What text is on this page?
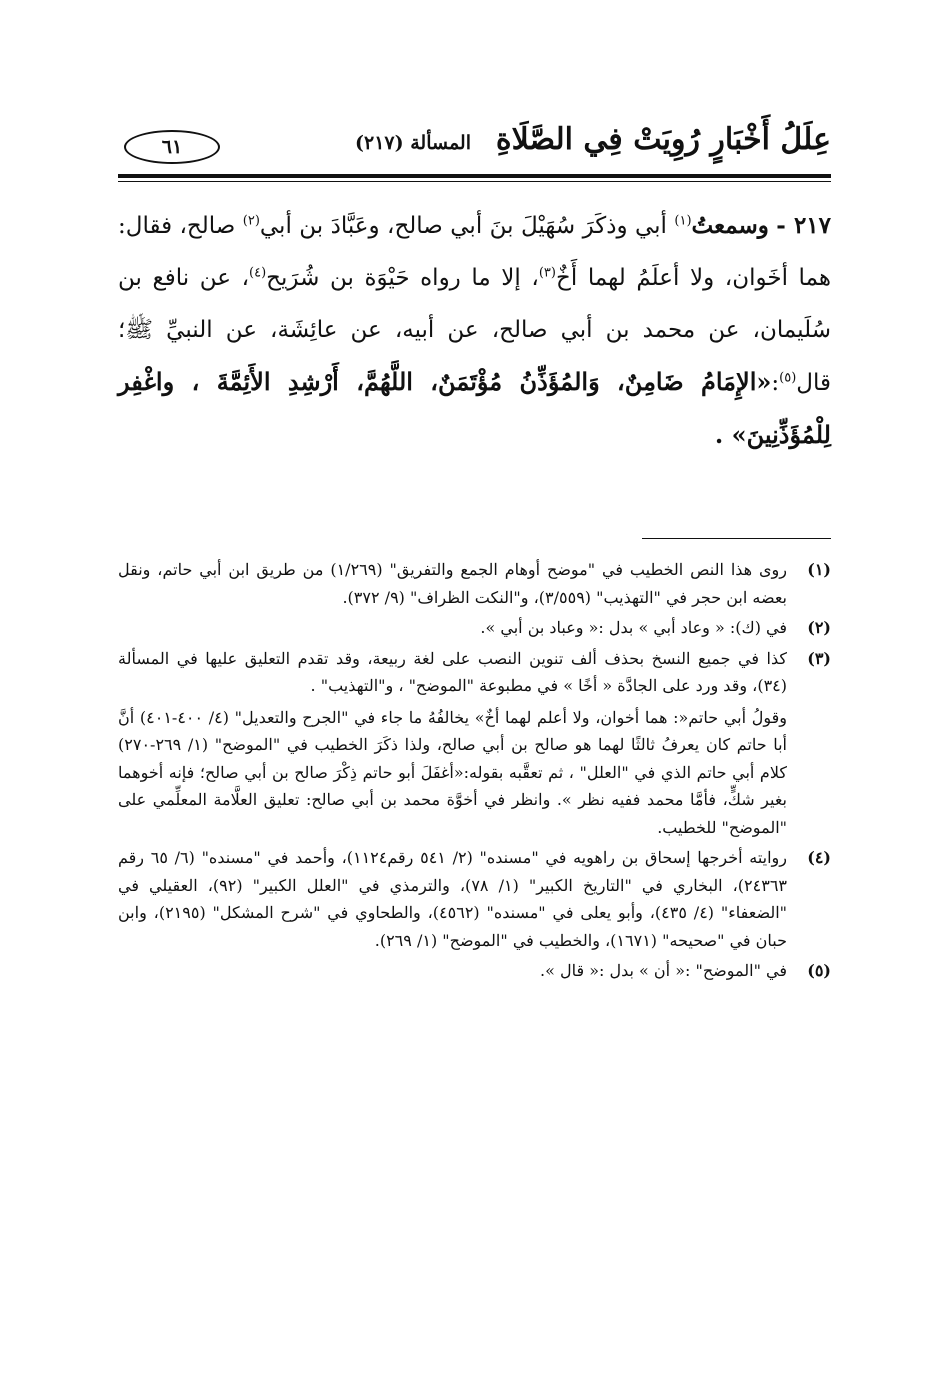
عِلَلُ أَخْبَارٍ رُوِيَتْ فِي الصَّلَاةِ
المسألة (٢١٧)
٦١

٢١٧ - وسمعتُ$^{(١)}$ أبي وذكَرَ سُهَيْلَ بنَ أبي صالح، وعَبَّادَ بن أبي$^{(٢)}$ صالح، فقال: هما أخَوان، ولا أعلَمُ لهما أَخٌ$^{(٣)}$، إلا ما رواه حَيْوَة بن شُرَيح$^{(٤)}$، عن نافع بن سُلَيمان، عن محمد بن أبي صالح، عن أبيه، عن عائِشَة، عن النبيِّ ﷺ؛ قال$^{(٥)}$:«الإِمَامُ ضَامِنٌ، وَالمُؤَذِّنُ مُؤْتَمَنٌ، اللَّهُمَّ، أَرْشِدِ الأَئِمَّةَ ، واغْفِر لِلْمُؤَذِّنِينَ» .

(١)

روى هذا النص الخطيب في "موضح أوهام الجمع والتفريق" (١/٢٦٩) من طريق ابن أبي حاتم، ونقل بعضه ابن حجر في "التهذيب" (٣/٥٥٩)، و"النكت الظراف" (٩/ ٣٧٢).

(٢)

في (ك): « وعاد أبي » بدل :« وعباد بن أبي ».

(٣)

كذا في جميع النسخ بحذف ألف تنوين النصب على لغة ربيعة، وقد تقدم التعليق عليها في المسألة (٣٤)، وقد ورد على الجادَّة « أخًا » في مطبوعة "الموضح" ، و"التهذيب" .

وقولُ أبي حاتم«: هما أخوان، ولا أعلم لهما أخٌ» يخالفُهُ ما جاء في "الجرح والتعديل" (٤/ ٤٠٠-٤٠١) أنَّ أبا حاتم كان يعرفُ ثالثًا لهما هو صالح بن أبي صالح، ولذا ذكَرَ الخطيب في "الموضح" (١/ ٢٦٩-٢٧٠) كلام أبي حاتم الذي في "العلل" ، ثم تعقَّبه بقوله:«أغفَلَ أبو حاتم ذِكْرَ صالح بن أبي صالح؛ فإنه أخوهما بغير شكٍّ، فأمَّا محمد ففيه نظر ». وانظر في أخوَّة محمد بن أبي صالح: تعليق العلَّامة المعلِّمي على "الموضح" للخطيب.

(٤)

روايته أخرجها إسحاق بن راهويه في "مسنده" (٢/ ٥٤١ رقم١١٢٤)، وأحمد في "مسنده" (٦/ ٦٥ رقم ٢٤٣٦٣)، البخاري في "التاريخ الكبير" (١/ ٧٨)، والترمذي في "العلل الكبير" (٩٢)، العقيلي في "الضعفاء" (٤/ ٤٣٥)، وأبو يعلى في "مسنده" (٤٥٦٢)، والطحاوي في "شرح المشكل" (٢١٩٥)، وابن حبان في "صحيحه" (١٦٧١)، والخطيب في "الموضح" (١/ ٢٦٩).

(٥)

في "الموضح" :« أن » بدل :« قال ».
